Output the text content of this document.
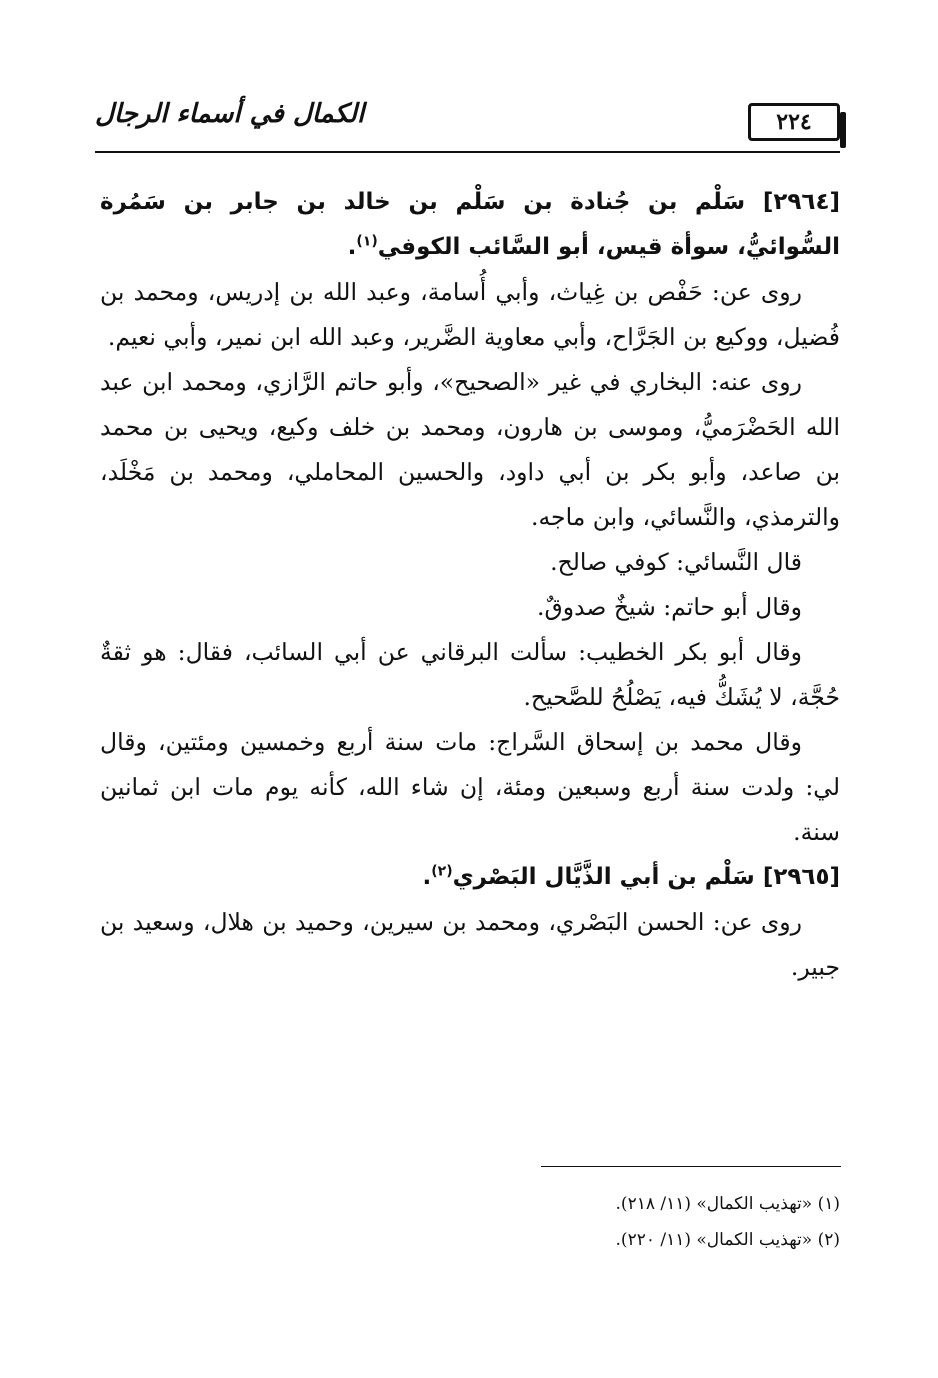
الكمال في أسماء الرجال	٢٢٤

[٢٩٦٤] سَلْم بن جُنادة بن سَلْم بن خالد بن جابر بن سَمُرة السُّوائيُّ، سوأة قيس، أبو السَّائب الكوفي$^{(١)}$.

روى عن: حَفْص بن غِياث، وأبي أُسامة، وعبد الله بن إدريس، ومحمد بن فُضيل، ووكيع بن الجَرَّاح، وأبي معاوية الضَّرير، وعبد الله ابن نمير، وأبي نعيم.

روى عنه: البخاري في غير «الصحيح»، وأبو حاتم الرَّازي، ومحمد ابن عبد الله الحَضْرَميُّ، وموسى بن هارون، ومحمد بن خلف وكيع، ويحيى بن محمد بن صاعد، وأبو بكر بن أبي داود، والحسين المحاملي، ومحمد بن مَخْلَد، والترمذي، والنَّسائي، وابن ماجه.

قال النَّسائي: كوفي صالح.

وقال أبو حاتم: شيخٌ صدوقٌ.

وقال أبو بكر الخطيب: سألت البرقاني عن أبي السائب، فقال: هو ثقةٌ حُجَّة، لا يُشَكُّ فيه، يَصْلُحُ للصَّحيح.

وقال محمد بن إسحاق السَّراج: مات سنة أربع وخمسين ومئتين، وقال لي: ولدت سنة أربع وسبعين ومئة، إن شاء الله، كأنه يوم مات ابن ثمانين سنة.

[٢٩٦٥] سَلْم بن أبي الذَّيَّال البَصْري$^{(٢)}$.

روى عن: الحسن البَصْري، ومحمد بن سيرين، وحميد بن هلال، وسعيد بن جبير.

(١) «تهذيب الكمال» (١١/ ٢١٨).
(٢) «تهذيب الكمال» (١١/ ٢٢٠).
